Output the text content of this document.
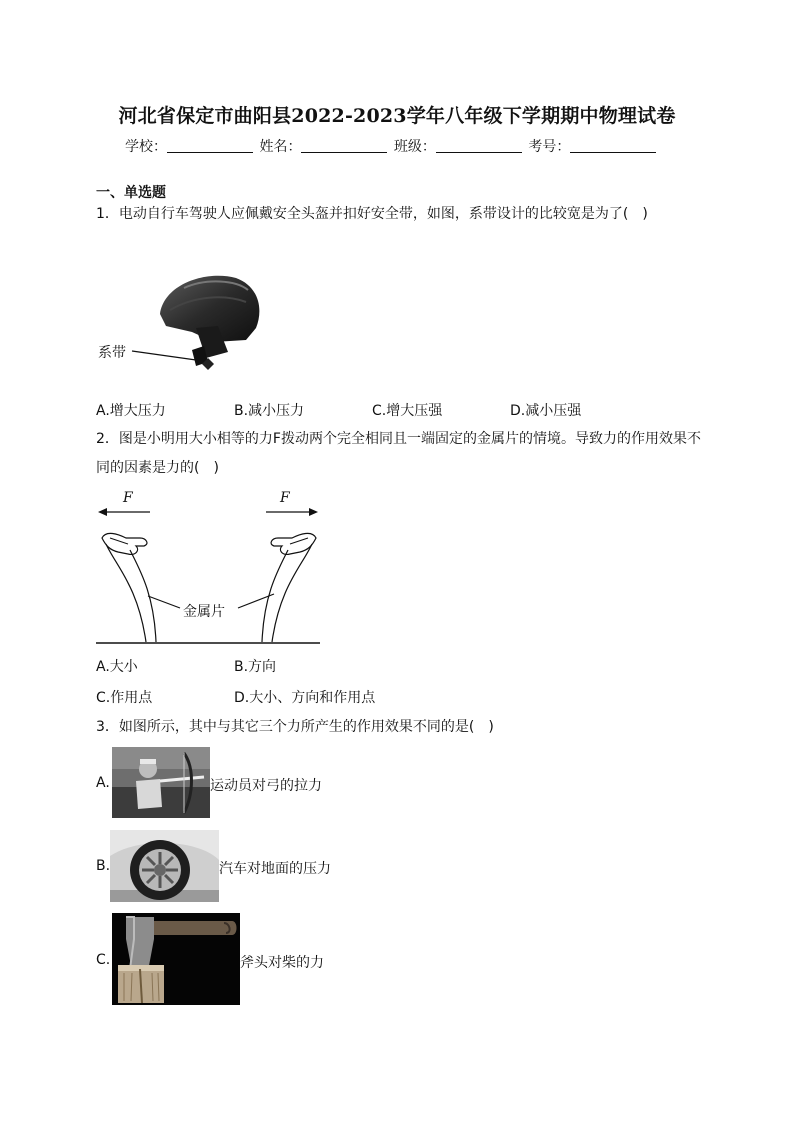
河北省保定市曲阳县2022-2023学年八年级下学期期中物理试卷
学校：	姓名：	班级：	考号：
一、单选题
1．电动自行车驾驶人应佩戴安全头盔并扣好安全带，如图，系带设计的比较宽是为了(　)
系带
A.增大压力	B.减小压力	C.增大压强	D.减小压强
2．图是小明用大小相等的力F拨动两个完全相同且一端固定的金属片的情境。导致力的作用效果不同的因素是力的(　)
F	F
金属片
A.大小	B.方向
C.作用点	D.大小、方向和作用点
3．如图所示，其中与其它三个力所产生的作用效果不同的是(　)
A.	运动员对弓的拉力
B.	汽车对地面的压力
C.	斧头对柴的力
